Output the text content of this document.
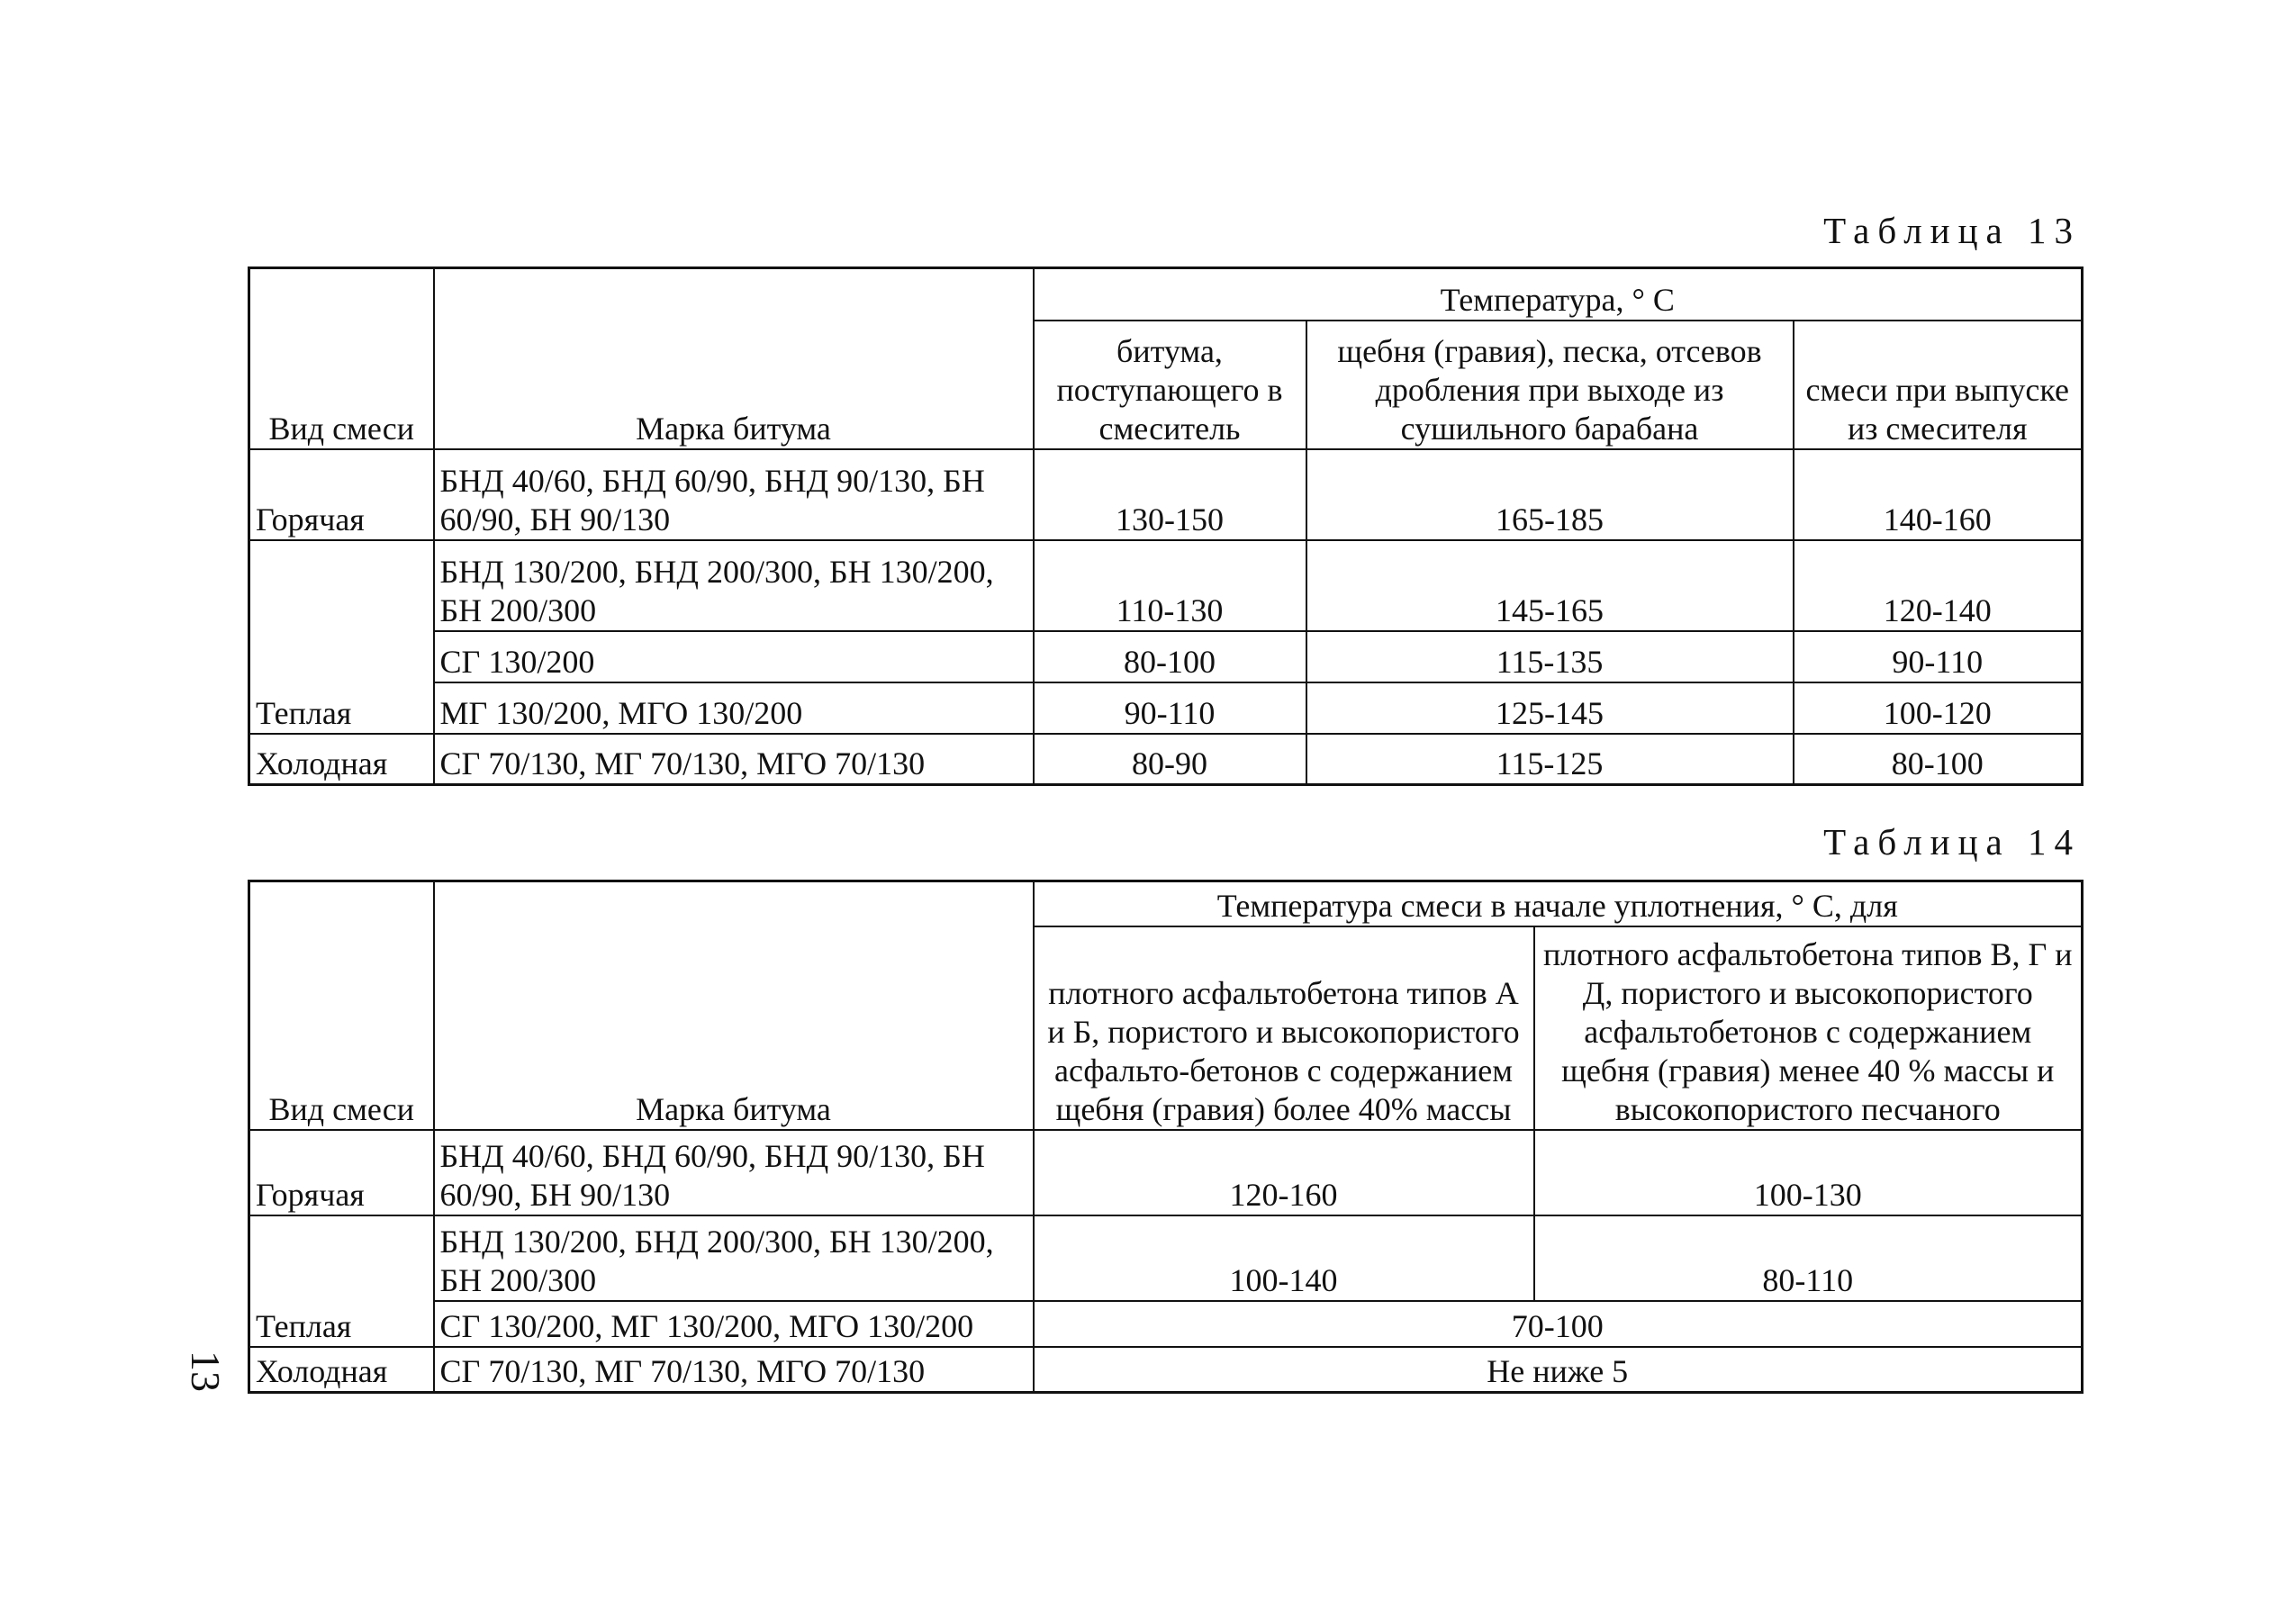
Таблица 13
Вид смеси	Марка битума	Температура, ° С		
		битума, поступающего в смеситель	щебня (гравия), песка, отсевов дробления при выходе из сушильного барабана	смеси при выпуске из смесителя
Горячая	БНД 40/60, БНД 60/90, БНД 90/130, БН 60/90, БН 90/130	130-150	165-185	140-160
Теплая	БНД 130/200, БНД 200/300, БН 130/200, БН 200/300	110-130	145-165	120-140
	СГ 130/200	80-100	115-135	90-110
	МГ 130/200, МГО 130/200	90-110	125-145	100-120
Холодная	СГ 70/130, МГ 70/130, МГО 70/130	80-90	115-125	80-100
Таблица 14
Вид смеси	Марка битума	Температура смеси в начале уплотнения, ° С, для	
		плотного асфальтобетона типов А и Б, пористого и высокопористого асфальто-бетонов с содержанием щебня (гравия) более 40% массы	плотного асфальтобетона типов В, Г и Д, пористого и высокопористого асфальтобетонов с содержанием щебня (гравия) менее 40 % массы и высокопористого песчаного
Горячая	БНД 40/60, БНД 60/90, БНД 90/130, БН 60/90, БН 90/130	120-160	100-130
Теплая	БНД 130/200, БНД 200/300, БН 130/200, БН 200/300	100-140	80-110
	СГ 130/200, МГ 130/200, МГО 130/200	70-100	
Холодная	СГ 70/130, МГ 70/130, МГО 70/130	Не ниже 5	
13
